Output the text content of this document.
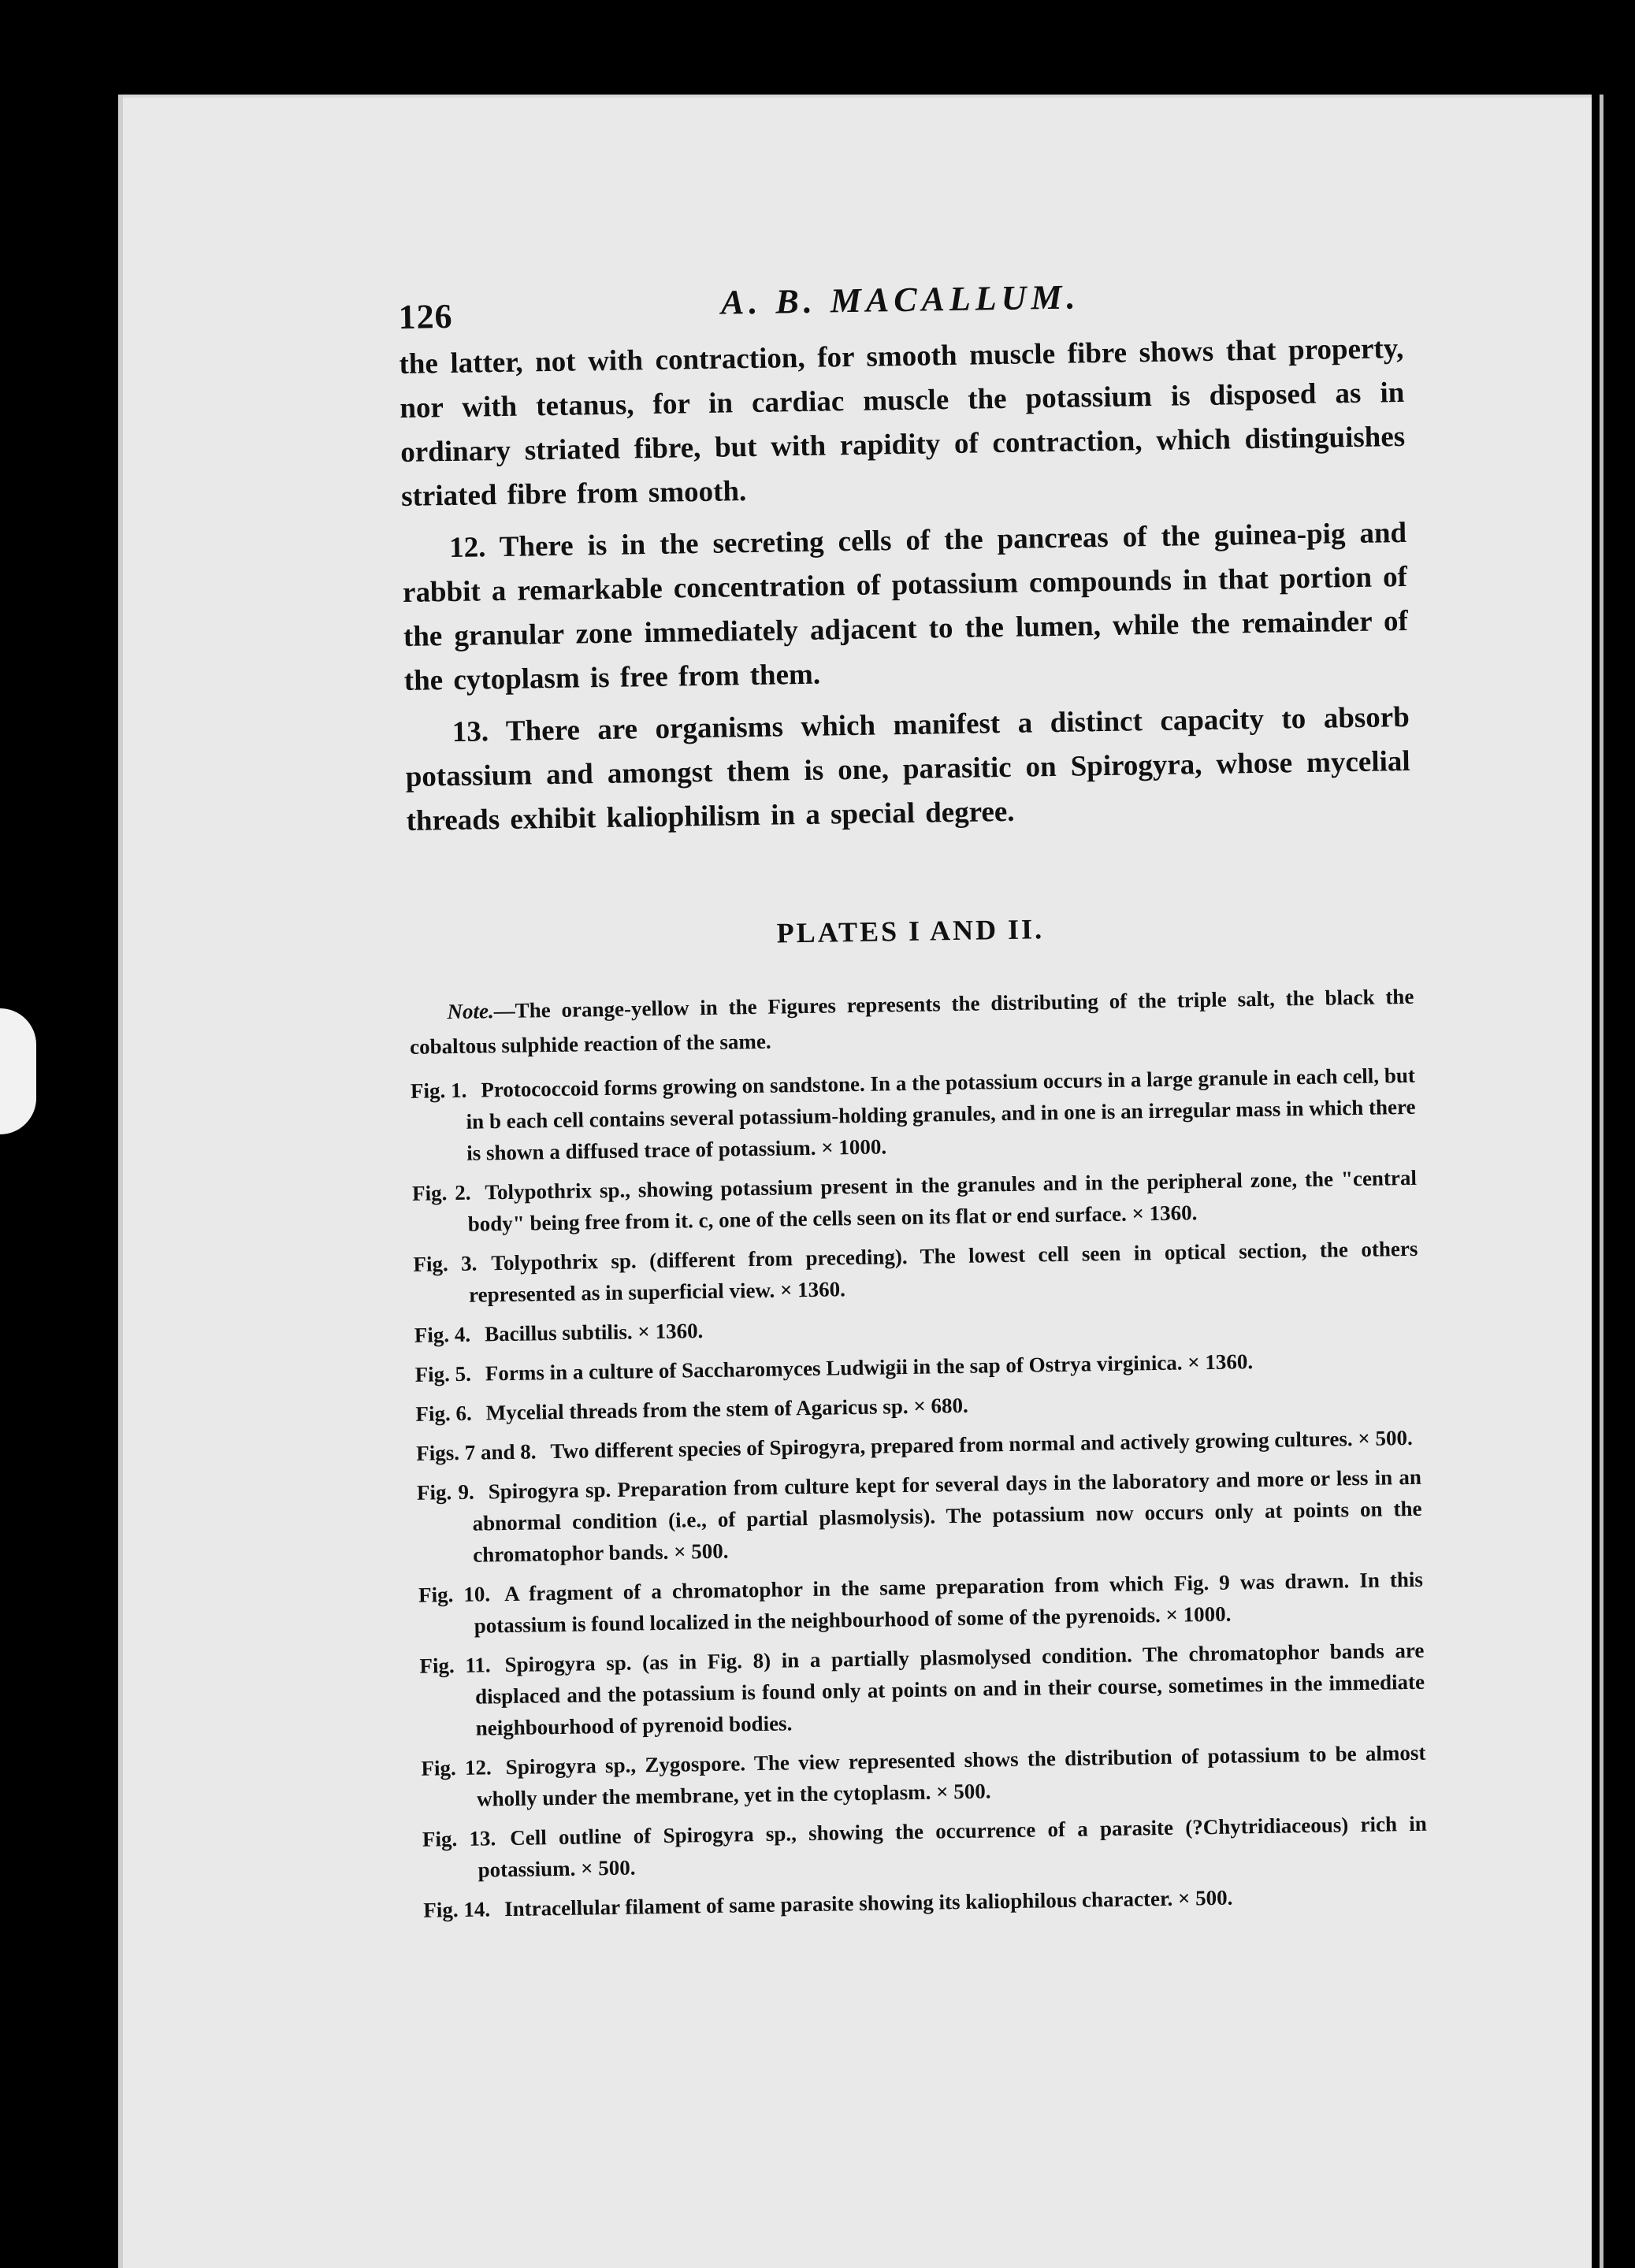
126	A. B. MACALLUM.

the latter, not with contraction, for smooth muscle fibre shows that property, nor with tetanus, for in cardiac muscle the potassium is disposed as in ordinary striated fibre, but with rapidity of contraction, which distinguishes striated fibre from smooth.

12. There is in the secreting cells of the pancreas of the guinea-pig and rabbit a remarkable concentration of potassium compounds in that portion of the granular zone immediately adjacent to the lumen, while the remainder of the cytoplasm is free from them.

13. There are organisms which manifest a distinct capacity to absorb potassium and amongst them is one, parasitic on Spirogyra, whose mycelial threads exhibit kaliophilism in a special degree.

PLATES I AND II.

Note.—The orange-yellow in the Figures represents the distributing of the triple salt, the black the cobaltous sulphide reaction of the same.

Fig. 1. Protococcoid forms growing on sandstone. In a the potassium occurs in a large granule in each cell, but in b each cell contains several potassium-holding granules, and in one is an irregular mass in which there is shown a diffused trace of potassium. × 1000.
Fig. 2. Tolypothrix sp., showing potassium present in the granules and in the peripheral zone, the "central body" being free from it. c, one of the cells seen on its flat or end surface. × 1360.
Fig. 3. Tolypothrix sp. (different from preceding). The lowest cell seen in optical section, the others represented as in superficial view. × 1360.
Fig. 4. Bacillus subtilis. × 1360.
Fig. 5. Forms in a culture of Saccharomyces Ludwigii in the sap of Ostrya virginica. × 1360.
Fig. 6. Mycelial threads from the stem of Agaricus sp. × 680.
Figs. 7 and 8. Two different species of Spirogyra, prepared from normal and actively growing cultures. × 500.
Fig. 9. Spirogyra sp. Preparation from culture kept for several days in the laboratory and more or less in an abnormal condition (i.e., of partial plasmolysis). The potassium now occurs only at points on the chromatophor bands. × 500.
Fig. 10. A fragment of a chromatophor in the same preparation from which Fig. 9 was drawn. In this potassium is found localized in the neighbourhood of some of the pyrenoids. × 1000.
Fig. 11. Spirogyra sp. (as in Fig. 8) in a partially plasmolysed condition. The chromatophor bands are displaced and the potassium is found only at points on and in their course, sometimes in the immediate neighbourhood of pyrenoid bodies.
Fig. 12. Spirogyra sp., Zygospore. The view represented shows the distribution of potassium to be almost wholly under the membrane, yet in the cytoplasm. × 500.
Fig. 13. Cell outline of Spirogyra sp., showing the occurrence of a parasite (?Chytridiaceous) rich in potassium. × 500.
Fig. 14. Intracellular filament of same parasite showing its kaliophilous character. × 500.
